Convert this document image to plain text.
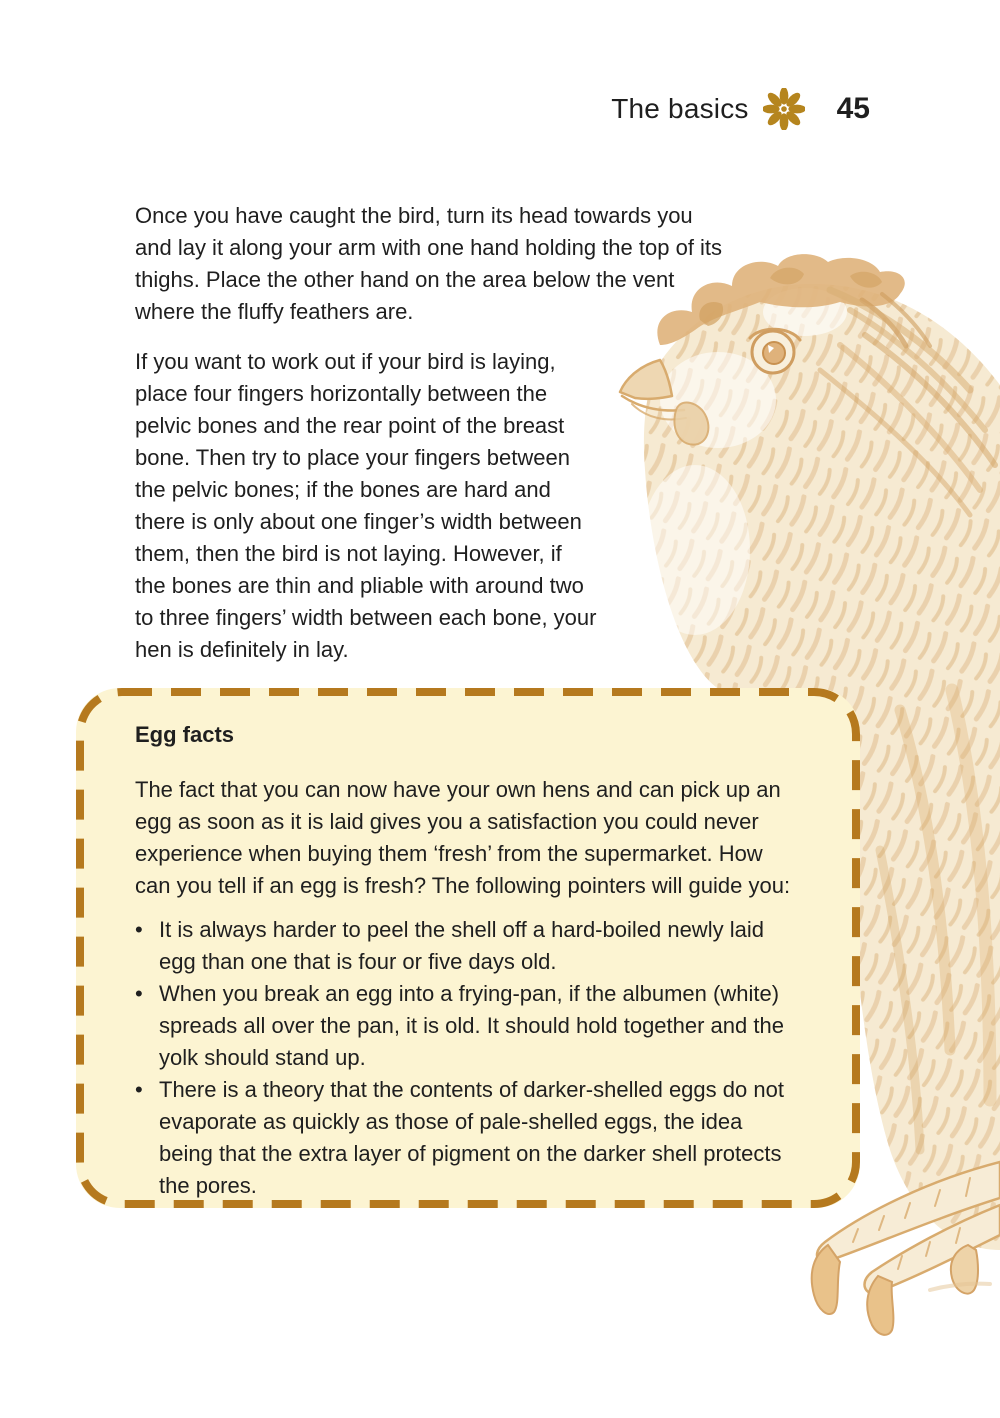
The basics	45
Once you have caught the bird, turn its head towards you and lay it along your arm with one hand holding the top of its thighs. Place the other hand on the area below the vent where the fluffy feathers are.
If you want to work out if your bird is laying, place four fingers horizontally between the pelvic bones and the rear point of the breast bone. Then try to place your fingers between the pelvic bones; if the bones are hard and there is only about one finger’s width between them, then the bird is not laying. However, if the bones are thin and pliable with around two to three fingers’ width between each bone, your hen is definitely in lay.
Egg facts

The fact that you can now have your own hens and can pick up an egg as soon as it is laid gives you a satisfaction you could never experience when buying them ‘fresh’ from the supermarket. How can you tell if an egg is fresh? The following pointers will guide you:

• It is always harder to peel the shell off a hard-boiled newly laid egg than one that is four or five days old.
• When you break an egg into a frying-pan, if the albumen (white) spreads all over the pan, it is old. It should hold together and the yolk should stand up.
• There is a theory that the contents of darker-shelled eggs do not evaporate as quickly as those of pale-shelled eggs, the idea being that the extra layer of pigment on the darker shell protects the pores.
